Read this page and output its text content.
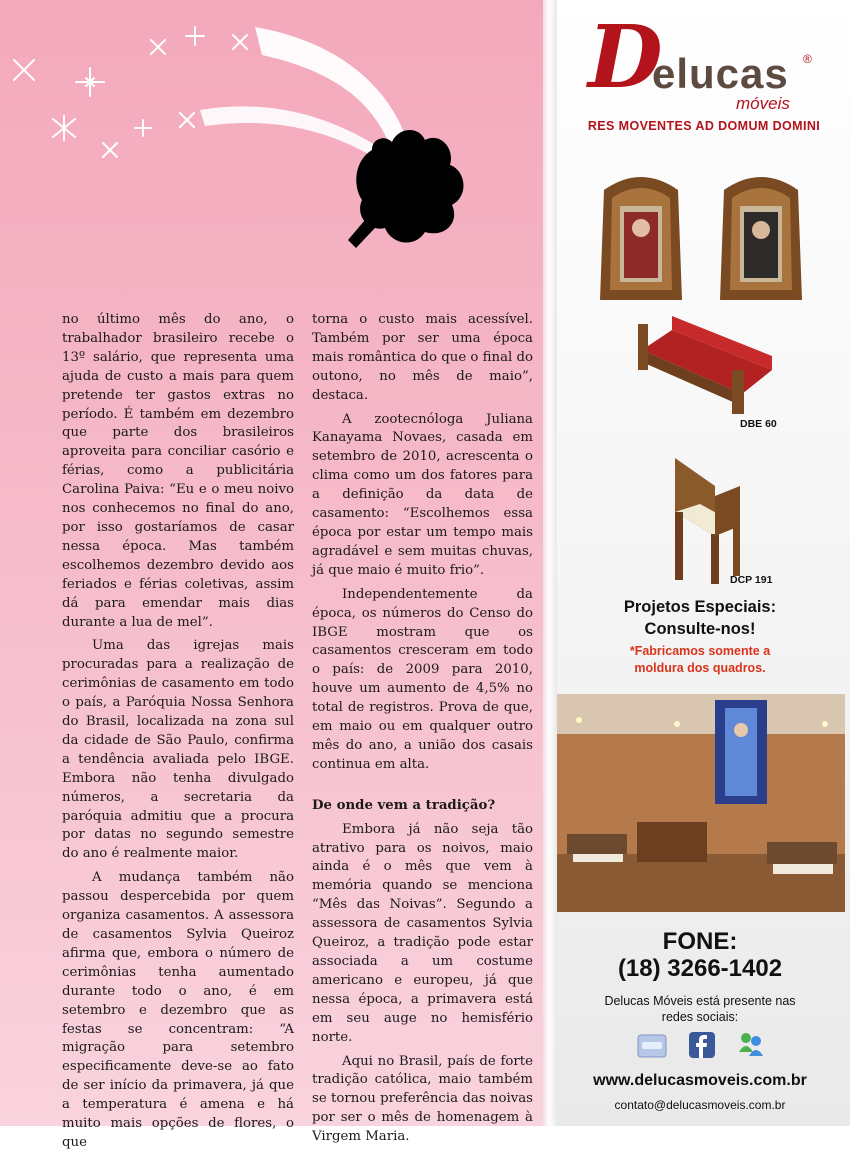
no último mês do ano, o trabalhador brasileiro recebe o 13º salário, que representa uma ajuda de custo a mais para quem pretende ter gastos extras no período. É também em dezembro que parte dos brasileiros aproveita para conciliar casório e férias, como a publicitária Carolina Paiva: “Eu e o meu noivo nos conhecemos no final do ano, por isso gostaríamos de casar nessa época. Mas também escolhemos dezembro devido aos feriados e férias coletivas, assim dá para emendar mais dias durante a lua de mel”.

Uma das igrejas mais procuradas para a realização de cerimônias de casamento em todo o país, a Paróquia Nossa Senhora do Brasil, localizada na zona sul da cidade de São Paulo, confirma a tendência avaliada pelo IBGE. Embora não tenha divulgado números, a secretaria da paróquia admitiu que a procura por datas no segundo semestre do ano é realmente maior.

A mudança também não passou despercebida por quem organiza casamentos. A assessora de casamentos Sylvia Queiroz afirma que, embora o número de cerimônias tenha aumentado durante todo o ano, é em setembro e dezembro que as festas se concentram: “A migração para setembro especificamente deve-se ao fato de ser início da primavera, já que a temperatura é amena e há muito mais opções de flores, o que

torna o custo mais acessível. Também por ser uma época mais romântica do que o final do outono, no mês de maio”, destaca.

A zootecnóloga Juliana Kanayama Novaes, casada em setembro de 2010, acrescenta o clima como um dos fatores para a definição da data de casamento: “Escolhemos essa época por estar um tempo mais agradável e sem muitas chuvas, já que maio é muito frio”.

Independentemente da época, os números do Censo do IBGE mostram que os casamentos cresceram em todo o país: de 2009 para 2010, houve um aumento de 4,5% no total de registros. Prova de que, em maio ou em qualquer outro mês do ano, a união dos casais continua em alta.

De onde vem a tradição?

Embora já não seja tão atrativo para os noivos, maio ainda é o mês que vem à memória quando se menciona “Mês das Noivas”. Segundo a assessora de casamentos Sylvia Queiroz, a tradição pode estar associada a um costume americano e europeu, já que nessa época, a primavera está em seu auge no hemisfério norte.

Aqui no Brasil, país de forte tradição católica, maio também se tornou preferência das noivas por ser o mês de homenagem à Virgem Maria.

D
elucas ®
móveis
RES MOVENTES AD DOMUM DOMINI
DBE 60
DCP 191
Projetos Especiais:
Consulte-nos!
*Fabricamos somente a
moldura dos quadros.
FONE:
(18) 3266-1402
Delucas Móveis está presente nas
redes sociais:
www.delucasmoveis.com.br
contato@delucasmoveis.com.br
